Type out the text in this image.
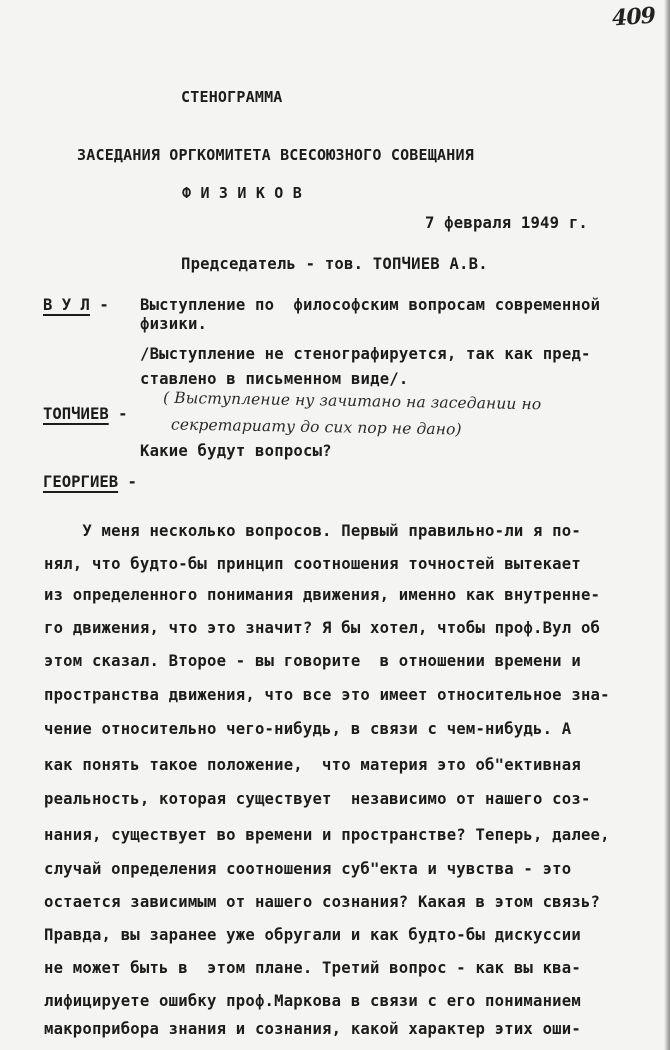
409
СТЕНОГРАММА
ЗАСЕДАНИЯ ОРГКОМИТЕТА ВСЕСОЮЗНОГО СОВЕЩАНИЯ
Ф И З И К О В
7 февраля 1949 г.
Председатель - тов. ТОПЧИЕВ А.В.
В У Л - Выступление по  философским вопросам современной
физики.
/Выступление не стенографируется, так как пред-
ставлено в письменном виде/.
ТОПЧИЕВ -
( Выступление ну зачитано на заседании но
секретариату до сих пор не дано)
Какие будут вопросы?
ГЕОРГИЕВ -
У меня несколько вопросов. Первый правильно-ли я по-
нял, что будто-бы принцип соотношения точностей вытекает
из определенного понимания движения, именно как внутренне-
го движения, что это значит? Я бы хотел, чтобы проф.Вул об
этом сказал. Второе - вы говорите  в отношении времени и
пространства движения, что все это имеет относительное зна-
чение относительно чего-нибудь, в связи с чем-нибудь. А
как понять такое положение,  что материя это об"ективная
реальность, которая существует  независимо от нашего соз-
нания, существует во времени и пространстве? Теперь, далее,
случай определения соотношения суб"екта и чувства - это
остается зависимым от нашего сознания? Какая в этом связь?
Правда, вы заранее уже обругали и как будто-бы дискуссии
не может быть в  этом плане. Третий вопрос - как вы ква-
лифицируете ошибку проф.Маркова в связи с его пониманием
макроприбора знания и сознания, какой характер этих оши-
